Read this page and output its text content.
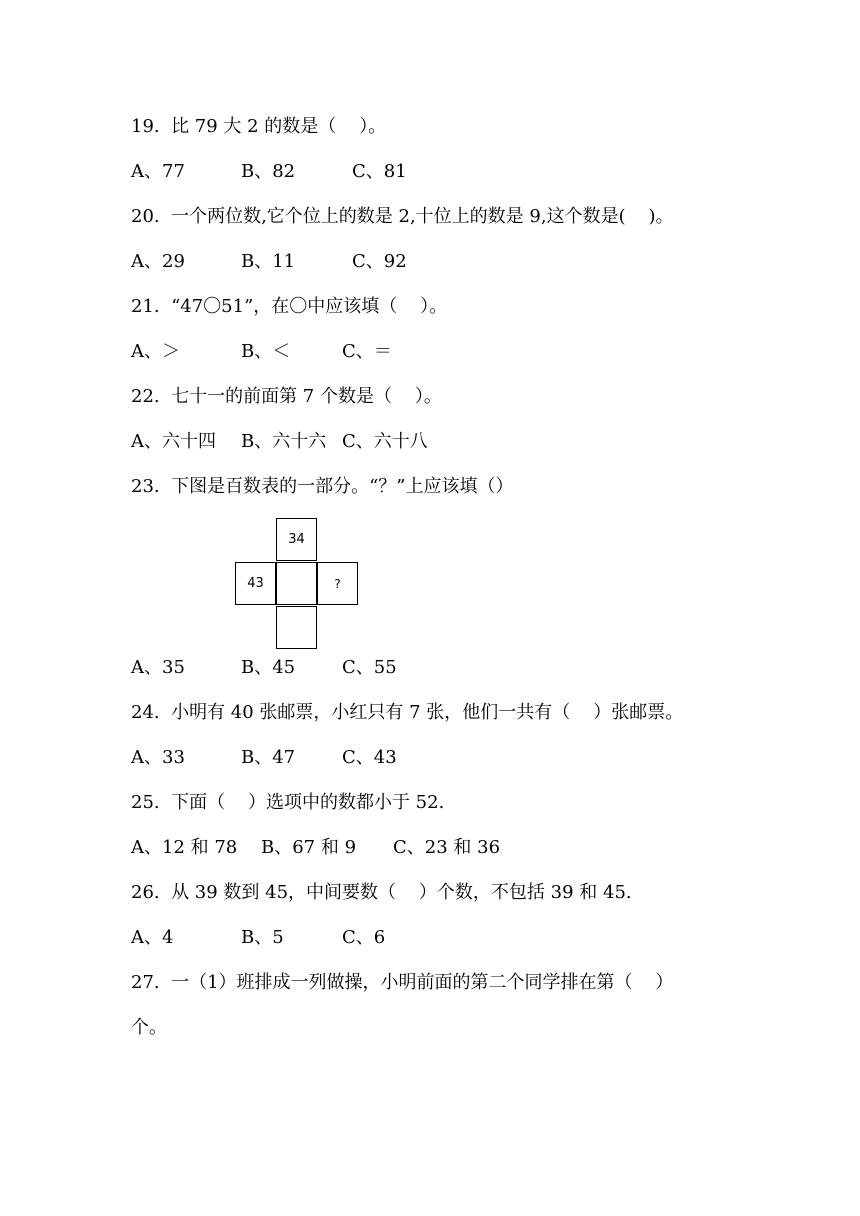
19.  比 79 大 2 的数是（    ）。

A、77

	B、82

	C、81

20.  一个两位数,它个位上的数是 2,十位上的数是 9,这个数是(    )。

A、29

	B、11

	C、92

21.  “47〇51”，在〇中应该填（    ）。

A、＞

	B、＜

	C、＝

22.  七十一的前面第 7 个数是（    ）。

A、六十四

B、六十六

C、六十八

23.  下图是百数表的一部分。“？”上应该填（）
34
43	?

A、35

	B、45

	C、55

24.  小明有 40 张邮票，小红只有 7 张，他们一共有（    ）张邮票。

A、33

	B、47

	C、43

25.  下面（    ）选项中的数都小于 52.

A、12 和 78

B、67 和 9

C、23 和 36

26.  从 39 数到 45，中间要数（    ）个数，不包括 39 和 45.

A、4

	B、5

	C、6

27.  一（1）班排成一列做操，小明前面的第二个同学排在第（    ）
个。
